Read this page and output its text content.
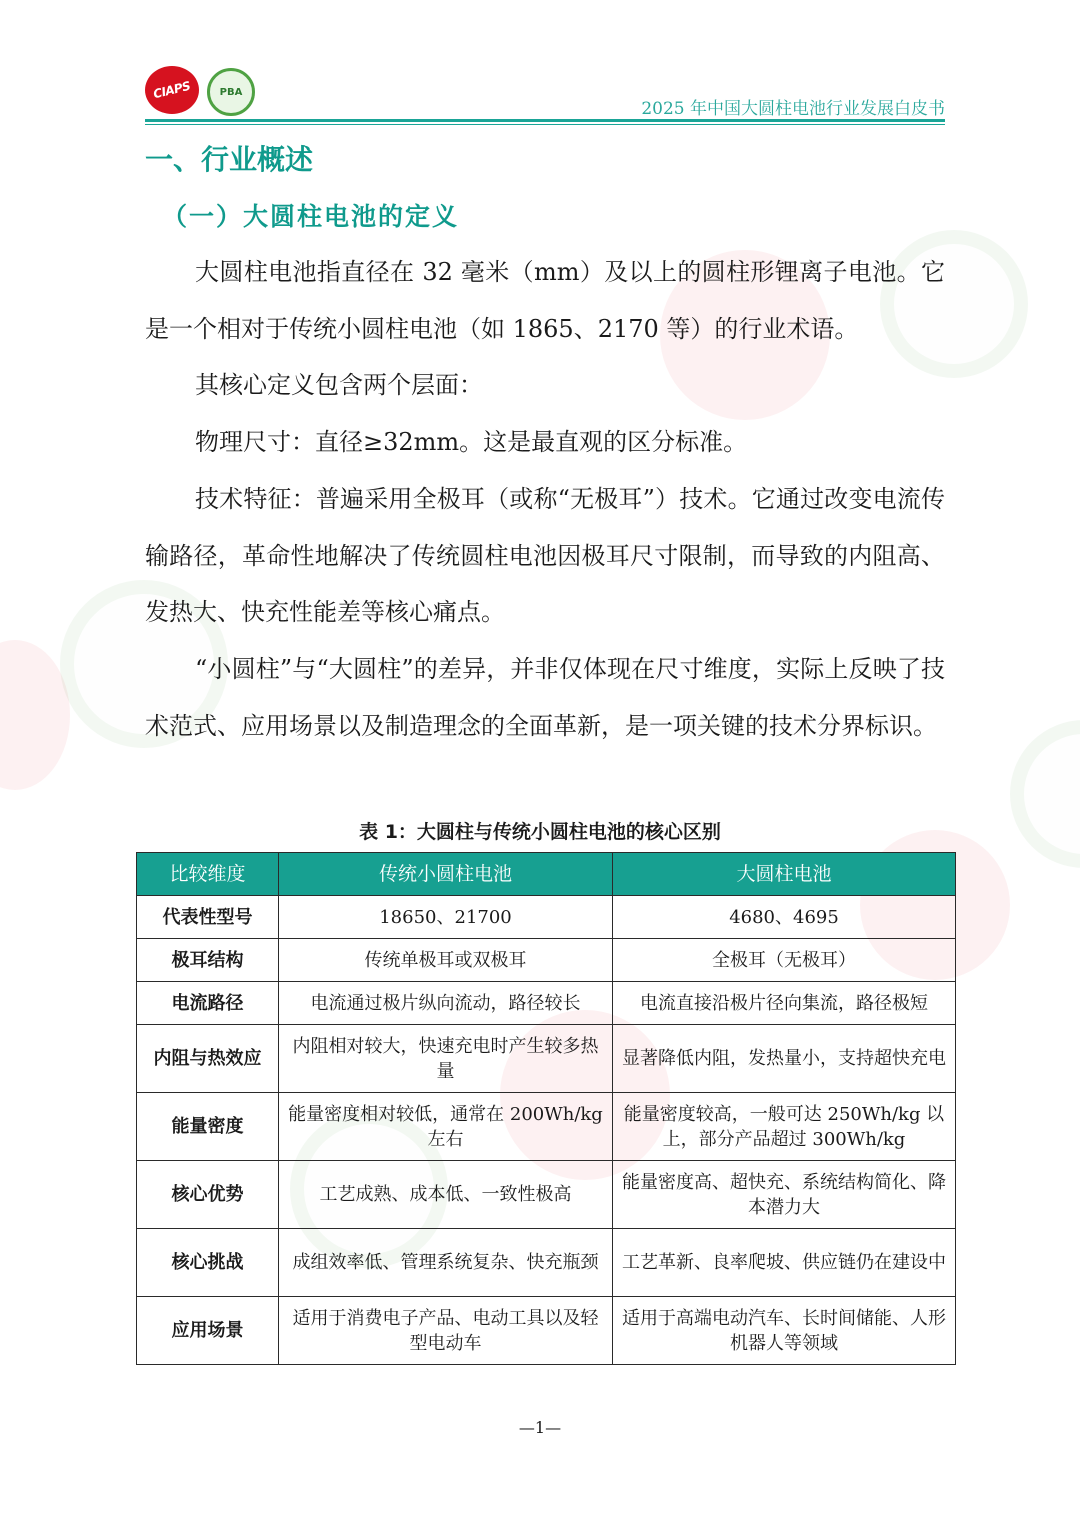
CIAPS	PBA
2025 年中国大圆柱电池行业发展白皮书
一、行业概述
（一）大圆柱电池的定义

大圆柱电池指直径在 32 毫米（mm）及以上的圆柱形锂离子电池。它是一个相对于传统小圆柱电池（如 1865、2170 等）的行业术语。

其核心定义包含两个层面：

物理尺寸：直径≥32mm。这是最直观的区分标准。

技术特征：普遍采用全极耳（或称“无极耳”）技术。它通过改变电流传输路径，革命性地解决了传统圆柱电池因极耳尺寸限制，而导致的内阻高、发热大、快充性能差等核心痛点。

“小圆柱”与“大圆柱”的差异，并非仅体现在尺寸维度，实际上反映了技术范式、应用场景以及制造理念的全面革新，是一项关键的技术分界标识。

表 1：大圆柱与传统小圆柱电池的核心区别
比较维度	传统小圆柱电池	大圆柱电池
代表性型号	18650、21700	4680、4695
极耳结构	传统单极耳或双极耳	全极耳（无极耳）
电流路径	电流通过极片纵向流动，路径较长	电流直接沿极片径向集流，路径极短
内阻与热效应	内阻相对较大，快速充电时产生较多热量	显著降低内阻，发热量小，支持超快充电
能量密度	能量密度相对较低，通常在 200Wh/kg 左右	能量密度较高，一般可达 250Wh/kg 以上，部分产品超过 300Wh/kg
核心优势	工艺成熟、成本低、一致性极高	能量密度高、超快充、系统结构简化、降本潜力大
核心挑战	成组效率低、管理系统复杂、快充瓶颈	工艺革新、良率爬坡、供应链仍在建设中
应用场景	适用于消费电子产品、电动工具以及轻型电动车	适用于高端电动汽车、长时间储能、人形机器人等领域
—1—
